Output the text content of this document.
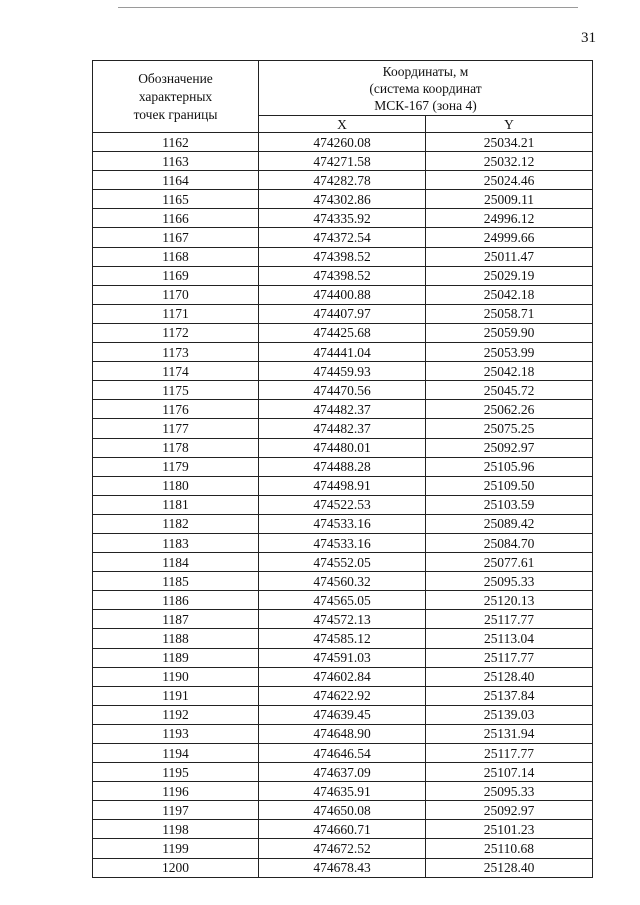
31
Обозначение
характерных
точек границы	Координаты, м
(система координат
МСК-167 (зона 4)	

	X	Y
1162	474260.08	25034.21
1163	474271.58	25032.12
1164	474282.78	25024.46
1165	474302.86	25009.11
1166	474335.92	24996.12
1167	474372.54	24999.66
1168	474398.52	25011.47
1169	474398.52	25029.19
1170	474400.88	25042.18
1171	474407.97	25058.71
1172	474425.68	25059.90
1173	474441.04	25053.99
1174	474459.93	25042.18
1175	474470.56	25045.72
1176	474482.37	25062.26
1177	474482.37	25075.25
1178	474480.01	25092.97
1179	474488.28	25105.96
1180	474498.91	25109.50
1181	474522.53	25103.59
1182	474533.16	25089.42
1183	474533.16	25084.70
1184	474552.05	25077.61
1185	474560.32	25095.33
1186	474565.05	25120.13
1187	474572.13	25117.77
1188	474585.12	25113.04
1189	474591.03	25117.77
1190	474602.84	25128.40
1191	474622.92	25137.84
1192	474639.45	25139.03
1193	474648.90	25131.94
1194	474646.54	25117.77
1195	474637.09	25107.14
1196	474635.91	25095.33
1197	474650.08	25092.97
1198	474660.71	25101.23
1199	474672.52	25110.68
1200	474678.43	25128.40
